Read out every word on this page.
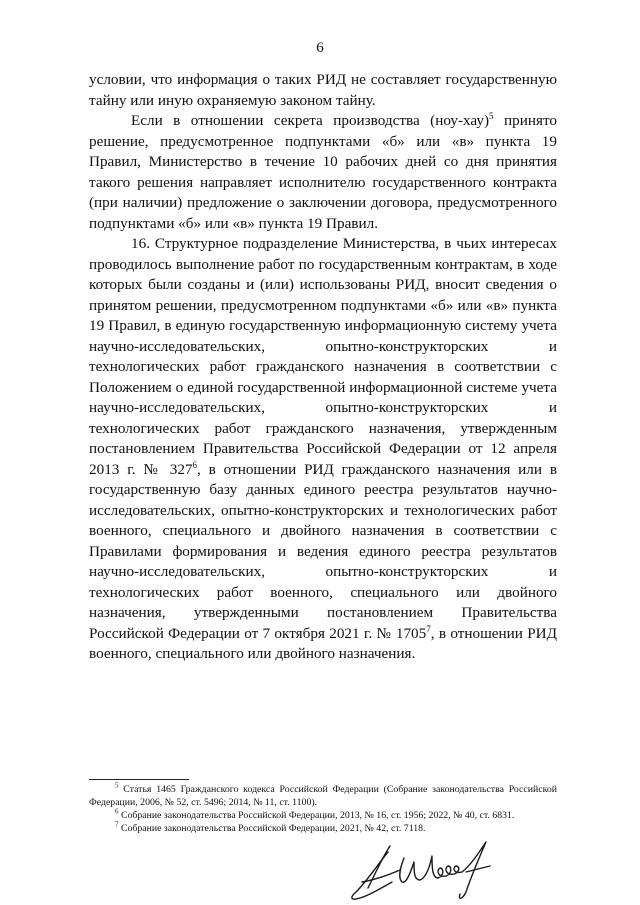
6

условии, что информация о таких РИД не составляет государственную тайну или иную охраняемую законом тайну.

Если в отношении секрета производства $(ноу-хау)^5$ принято решение, предусмотренное подпунктами «б» или «в» пункта 19 Правил, Министерство в течение 10 рабочих дней со дня принятия такого решения направляет исполнителю государственного контракта (при наличии) предложение о заключении договора, предусмотренного подпунктами «б» или «в» пункта 19 Правил.

16. Структурное подразделение Министерства, в чьих интересах проводилось выполнение работ по государственным контрактам, в ходе которых были созданы и (или) использованы РИД, вносит сведения о принятом решении, предусмотренном подпунктами «б» или «в» пункта 19 Правил, в единую государственную информационную систему учета научно-исследовательских, опытно-конструкторских и технологических работ гражданского назначения в соответствии с Положением о единой государственной информационной системе учета научно-исследовательских, опытно-конструкторских и технологических работ гражданского назначения, утвержденным постановлением Правительства Российской Федерации от 12 апреля 2013 г. № $327^6$, в отношении РИД гражданского назначения или в государственную базу данных единого реестра результатов научно-исследовательских, опытно-конструкторских и технологических работ военного, специального и двойного назначения в соответствии с Правилами формирования и ведения единого реестра результатов научно-исследовательских, опытно-конструкторских и технологических работ военного, специального или двойного назначения, утвержденными постановлением Правительства Российской Федерации от 7 октября 2021 г. № 1705$^7$, в отношении РИД военного, специального или двойного назначения.

$^5$ Статья 1465 Гражданского кодекса Российской Федерации (Собрание законодательства Российской Федерации, 2006, № 52, ст. 5496; 2014, № 11, ст. 1100).

$^6$ Собрание законодательства Российской Федерации, 2013, № 16, ст. 1956; 2022, № 40, ст. 6831.

$^7$ Собрание законодательства Российской Федерации, 2021, № 42, ст. 7118.
